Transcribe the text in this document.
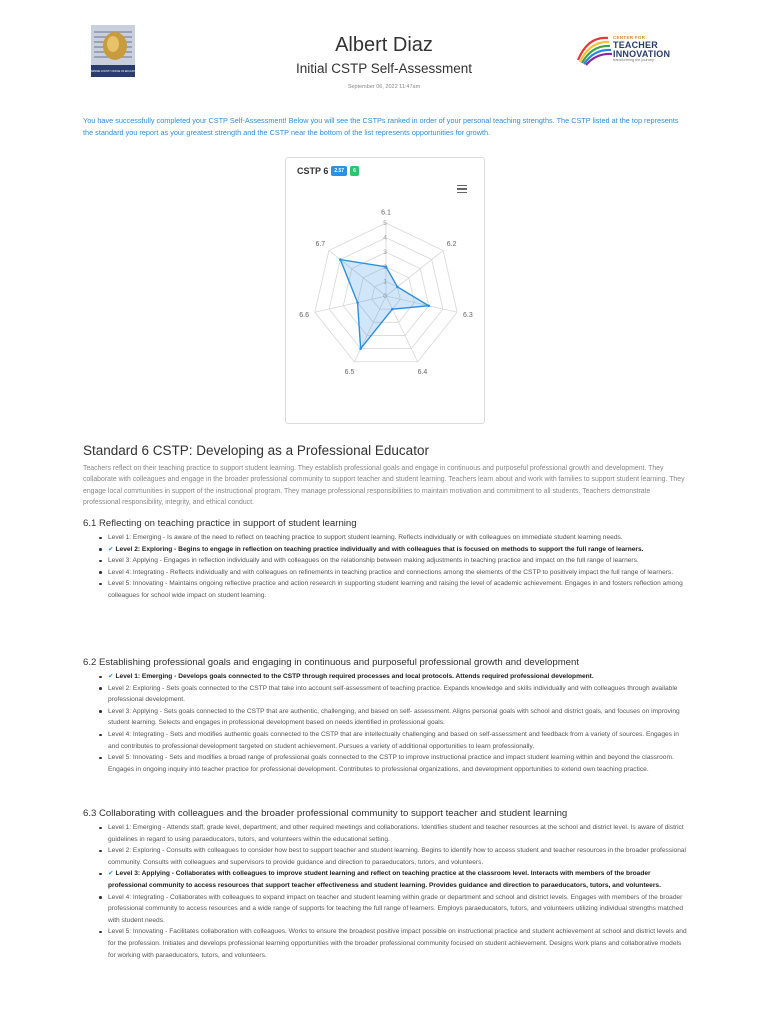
RIVERSIDE COUNTY OFFICE OF EDUCATION
Albert Diaz
Initial CSTP Self-Assessment
September 06, 2022 11:47am
CENTER FOR
TEACHER
INNOVATION
transforming the journey

You have successfully completed your CSTP Self-Assessment! Below you will see the CSTPs ranked in order of your personal teaching strengths. The CSTP listed at the top represents the standard you report as your greatest strength and the CSTP near the bottom of the list represents opportunities for growth.

CSTP 6	2.57	6
3
4
5
6.1
6.2
6.3
6.4
6.5
6.6
6.7
Standard 6 CSTP: Developing as a Professional Educator

Teachers reflect on their teaching practice to support student learning. They establish professional goals and engage in continuous and purposeful professional growth and development. They collaborate with colleagues and engage in the broader professional community to support teacher and student learning. Teachers learn about and work with families to support student learning. They engage local communities in support of the instructional program. They manage professional responsibilities to maintain motivation and commitment to all students. Teachers demonstrate professional responsibility, integrity, and ethical conduct.

6.1 Reflecting on teaching practice in support of student learning
Level 1: Emerging - Is aware of the need to reflect on teaching practice to support student learning. Reflects individually or with colleagues on immediate student learning needs.
✔ Level 2: Exploring - Begins to engage in reflection on teaching practice individually and with colleagues that is focused on methods to support the full range of learners.
Level 3: Applying - Engages in reflection individually and with colleagues on the relationship between making adjustments in teaching practice and impact on the full range of learners.
Level 4: Integrating - Reflects individually and with colleagues on refinements in teaching practice and connections among the elements of the CSTP to positively impact the full range of learners.
Level 5: Innovating - Maintains ongoing reflective practice and action research in supporting student learning and raising the level of academic achievement. Engages in and fosters reflection among colleagues for school wide impact on student learning.
6.2 Establishing professional goals and engaging in continuous and purposeful professional growth and development
✔ Level 1: Emerging - Develops goals connected to the CSTP through required processes and local protocols. Attends required professional development.
Level 2: Exploring - Sets goals connected to the CSTP that take into account self-assessment of teaching practice. Expands knowledge and skills individually and with colleagues through available professional development.
Level 3: Applying - Sets goals connected to the CSTP that are authentic, challenging, and based on self- assessment. Aligns personal goals with school and district goals, and focuses on improving student learning. Selects and engages in professional development based on needs identified in professional goals.
Level 4: Integrating - Sets and modifies authentic goals connected to the CSTP that are intellectually challenging and based on self-assessment and feedback from a variety of sources. Engages in and contributes to professional development targeted on student achievement. Pursues a variety of additional opportunities to learn professionally.
Level 5: Innovating - Sets and modifies a broad range of professional goals connected to the CSTP to improve instructional practice and impact student learning within and beyond the classroom. Engages in ongoing inquiry into teacher practice for professional development. Contributes to professional organizations, and development opportunities to extend own teaching practice.
6.3 Collaborating with colleagues and the broader professional community to support teacher and student learning
Level 1: Emerging - Attends staff, grade level, department, and other required meetings and collaborations. Identifies student and teacher resources at the school and district level. Is aware of district guidelines in regard to using paraeducators, tutors, and volunteers within the educational setting.
Level 2: Exploring - Consults with colleagues to consider how best to support teacher and student learning. Begins to identify how to access student and teacher resources in the broader professional community. Consults with colleagues and supervisors to provide guidance and direction to paraeducators, tutors, and volunteers.
✔ Level 3: Applying - Collaborates with colleagues to improve student learning and reflect on teaching practice at the classroom level. Interacts with members of the broader professional community to access resources that support teacher effectiveness and student learning. Provides guidance and direction to paraeducators, tutors, and volunteers.
Level 4: Integrating - Collaborates with colleagues to expand impact on teacher and student learning within grade or department and school and district levels. Engages with members of the broader professional community to access resources and a wide range of supports for teaching the full range of learners. Employs paraeducators, tutors, and volunteers utilizing individual strengths matched with student needs.
Level 5: Innovating - Facilitates collaboration with colleagues. Works to ensure the broadest positive impact possible on instructional practice and student achievement at school and district levels and for the profession. Initiates and develops professional learning opportunities with the broader professional community focused on student achievement. Designs work plans and collaborative models for working with paraeducators, tutors, and volunteers.
